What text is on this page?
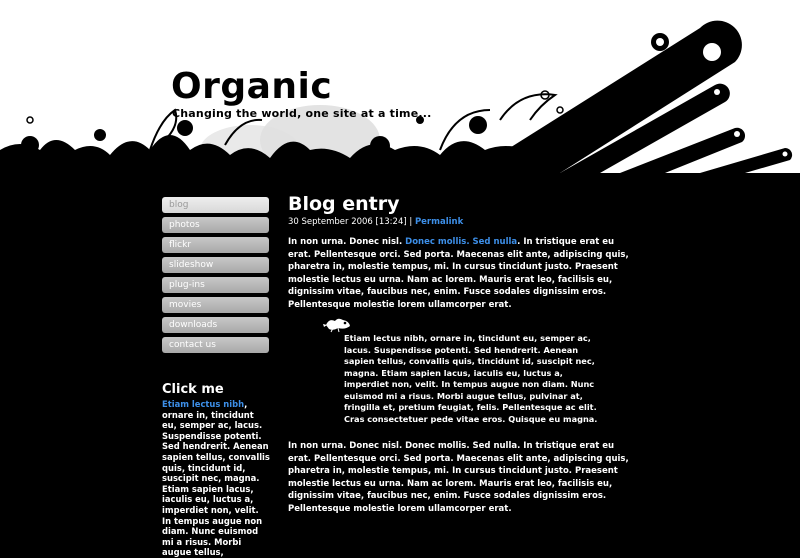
Organic
Changing the world, one site at a time...
blog
photos
flickr
slideshow
plug-ins
movies
downloads
contact us
Click me

Etiam lectus nibh, ornare in, tincidunt eu, semper ac, lacus. Suspendisse potenti. Sed hendrerit. Aenean sapien tellus, convallis quis, tincidunt id, suscipit nec, magna. Etiam sapien lacus, iaculis eu, luctus a, imperdiet non, velit. In tempus augue non diam. Nunc euismod mi a risus. Morbi augue tellus,

Blog entry
30 September 2006 [13:24] | Permalink

In non urna. Donec nisl. Donec mollis. Sed nulla. In tristique erat eu erat. Pellentesque orci. Sed porta. Maecenas elit ante, adipiscing quis, pharetra in, molestie tempus, mi. In cursus tincidunt justo. Praesent molestie lectus eu urna. Nam ac lorem. Mauris erat leo, facilisis eu, dignissim vitae, faucibus nec, enim. Fusce sodales dignissim eros. Pellentesque molestie lorem ullamcorper erat.

Etiam lectus nibh, ornare in, tincidunt eu, semper ac, lacus. Suspendisse potenti. Sed hendrerit. Aenean sapien tellus, convallis quis, tincidunt id, suscipit nec, magna. Etiam sapien lacus, iaculis eu, luctus a, imperdiet non, velit. In tempus augue non diam. Nunc euismod mi a risus. Morbi augue tellus, pulvinar at, fringilla et, pretium feugiat, felis. Pellentesque ac elit. Cras consectetuer pede vitae eros. Quisque eu magna.

In non urna. Donec nisl. Donec mollis. Sed nulla. In tristique erat eu erat. Pellentesque orci. Sed porta. Maecenas elit ante, adipiscing quis, pharetra in, molestie tempus, mi. In cursus tincidunt justo. Praesent molestie lectus eu urna. Nam ac lorem. Mauris erat leo, facilisis eu, dignissim vitae, faucibus nec, enim. Fusce sodales dignissim eros. Pellentesque molestie lorem ullamcorper erat.
